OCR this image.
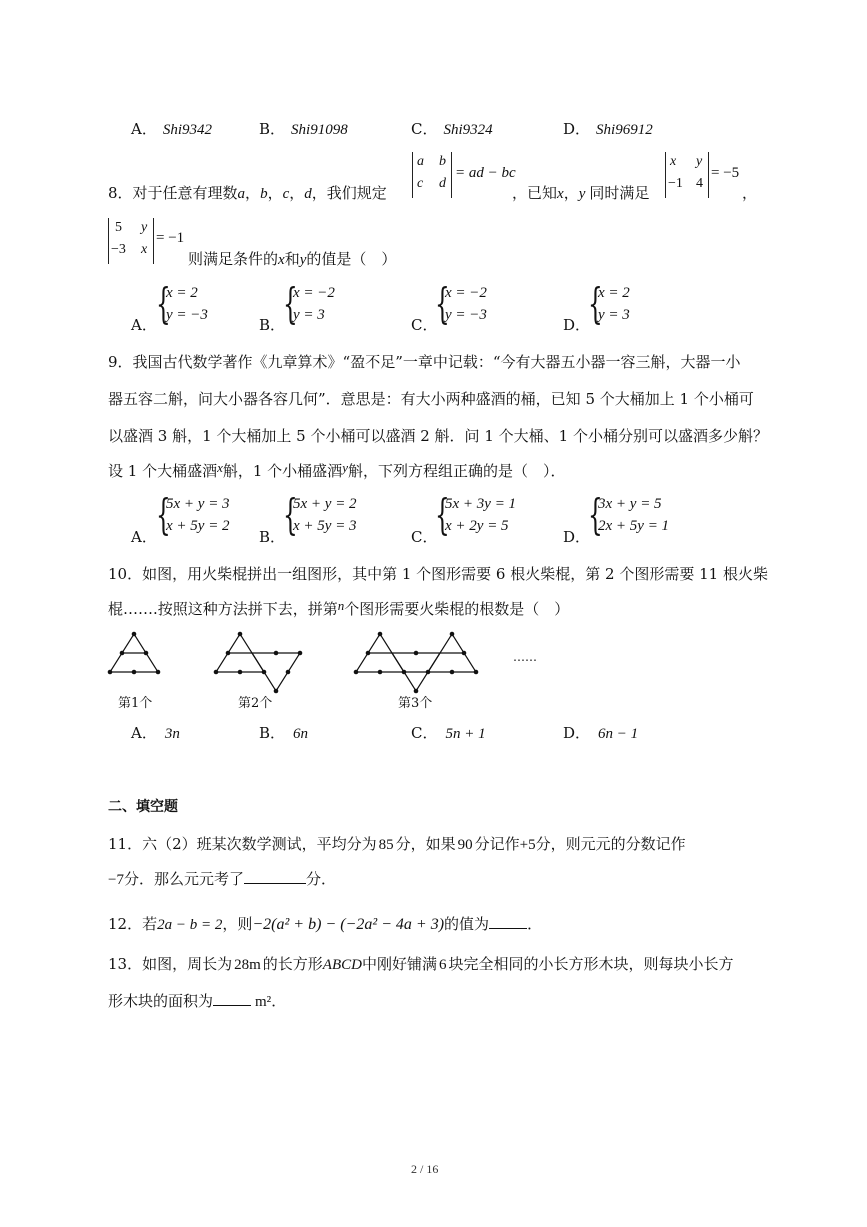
A． Shi9342	B． Shi91098	C． Shi9324	D． Shi96912
8．对于任意有理数a，b，c，d，我们规定
a b
c d
= ad − bc
，已知x，y 同时满足
x y
−1 4
= −5
，
5 y
−3 x
= −1
则满足条件的x和y的值是（　）
A． {
x = 2
y = −3
B．
{
x = −2
y = 3
C．
{
x = −2
y = −3
D．
{
x = 2
y = 3
9．我国古代数学著作《九章算术》“盈不足”一章中记载：“今有大器五小器一容三斛，大器一小
器五容二斛，问大小器各容几何”．意思是：有大小两种盛酒的桶，已知 5 个大桶加上 1 个小桶可
以盛酒 3 斛，1 个大桶加上 5 个小桶可以盛酒 2 斛．问 1 个大桶、1 个小桶分别可以盛酒多少斛？
设 1 个大桶盛酒x斛，1 个小桶盛酒y斛，下列方程组正确的是（　）．
A． {
5x + y = 3
x + 5y = 2
B．
{
5x + y = 2
x + 5y = 3
C．
{
5x + 3y = 1
x + 2y = 5
D．
{
3x + y = 5
2x + 5y = 1
10．如图，用火柴棍拼出一组图形，其中第 1 个图形需要 6 根火柴棍，第 2 个图形需要 11 根火柴
棍…….按照这种方法拼下去，拼第n个图形需要火柴棍的根数是（　）
……
第1个	第2个	第3个
A． 3n	B． 6n	C． 5n + 1	D． 6n − 1
二、填空题
11．六（2）班某次数学测试，平均分为 85 分，如果 90 分记作+5分，则元元的分数记作
−7分．那么元元考了	分．
12．若2a − b = 2，则−2(a² + b) − (−2a² − 4a + 3)的值为	．
13．如图，周长为 28m 的长方形ABCD中刚好铺满 6 块完全相同的小长方形木块，则每块小长方
形木块的面积为	m²．
2 / 16
